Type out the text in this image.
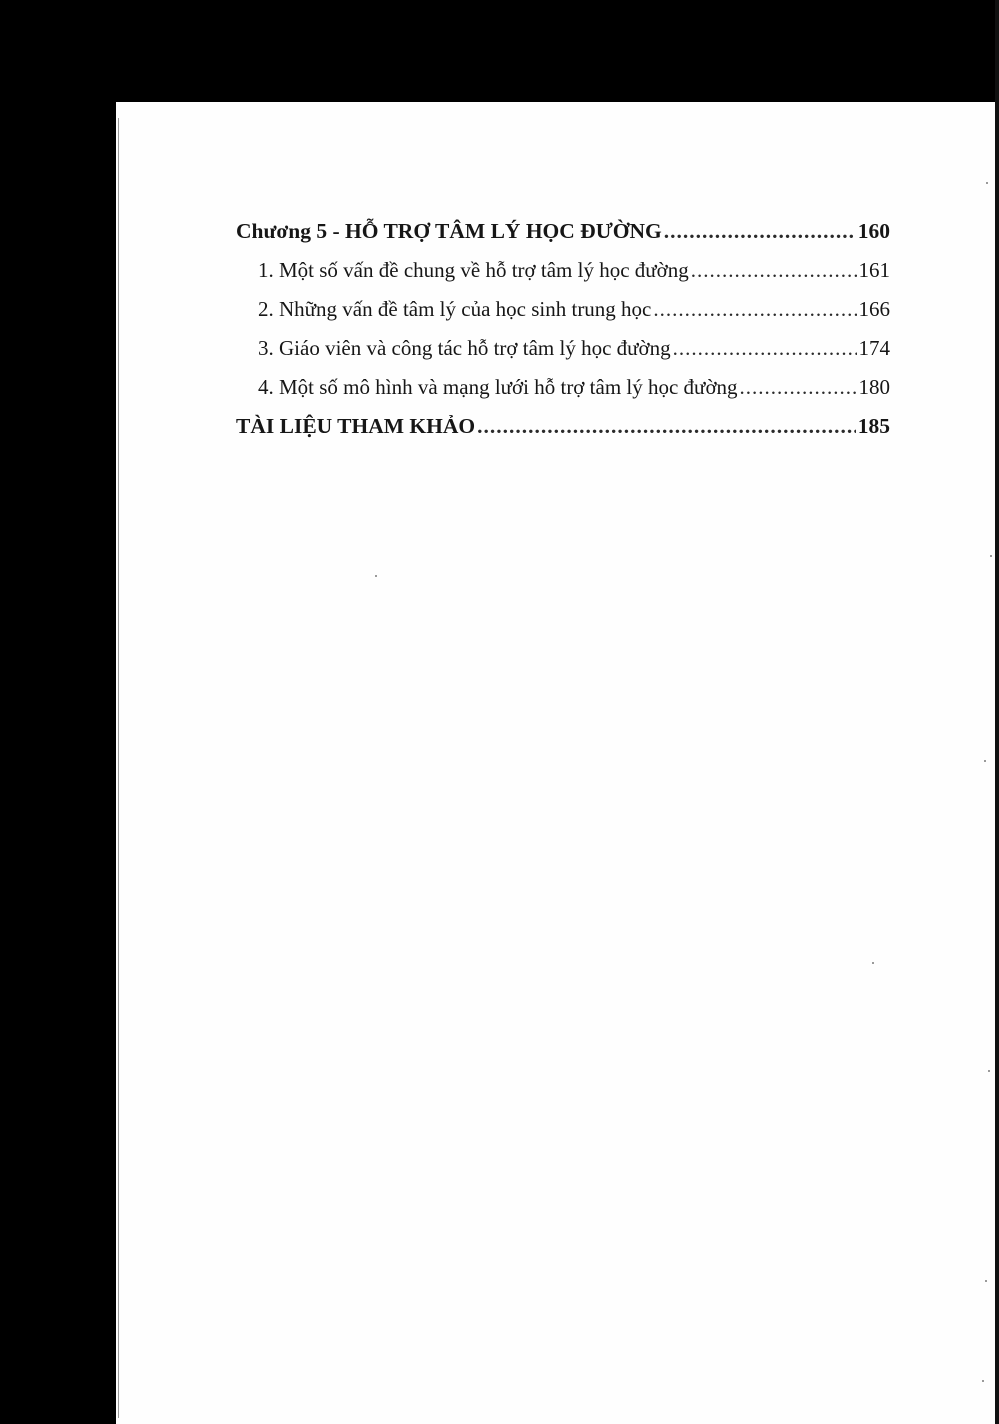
Chương 5 - HỖ TRỢ TÂM LÝ HỌC ĐƯỜNG .....	160
1. Một số vấn đề chung về hỗ trợ tâm lý học đường .....	161
2. Những vấn đề tâm lý của học sinh trung học .....	166
3. Giáo viên và công tác hỗ trợ tâm lý học đường .....	174
4. Một số mô hình và mạng lưới hỗ trợ tâm lý học đường .....	180
TÀI LIỆU THAM KHẢO .....	185
